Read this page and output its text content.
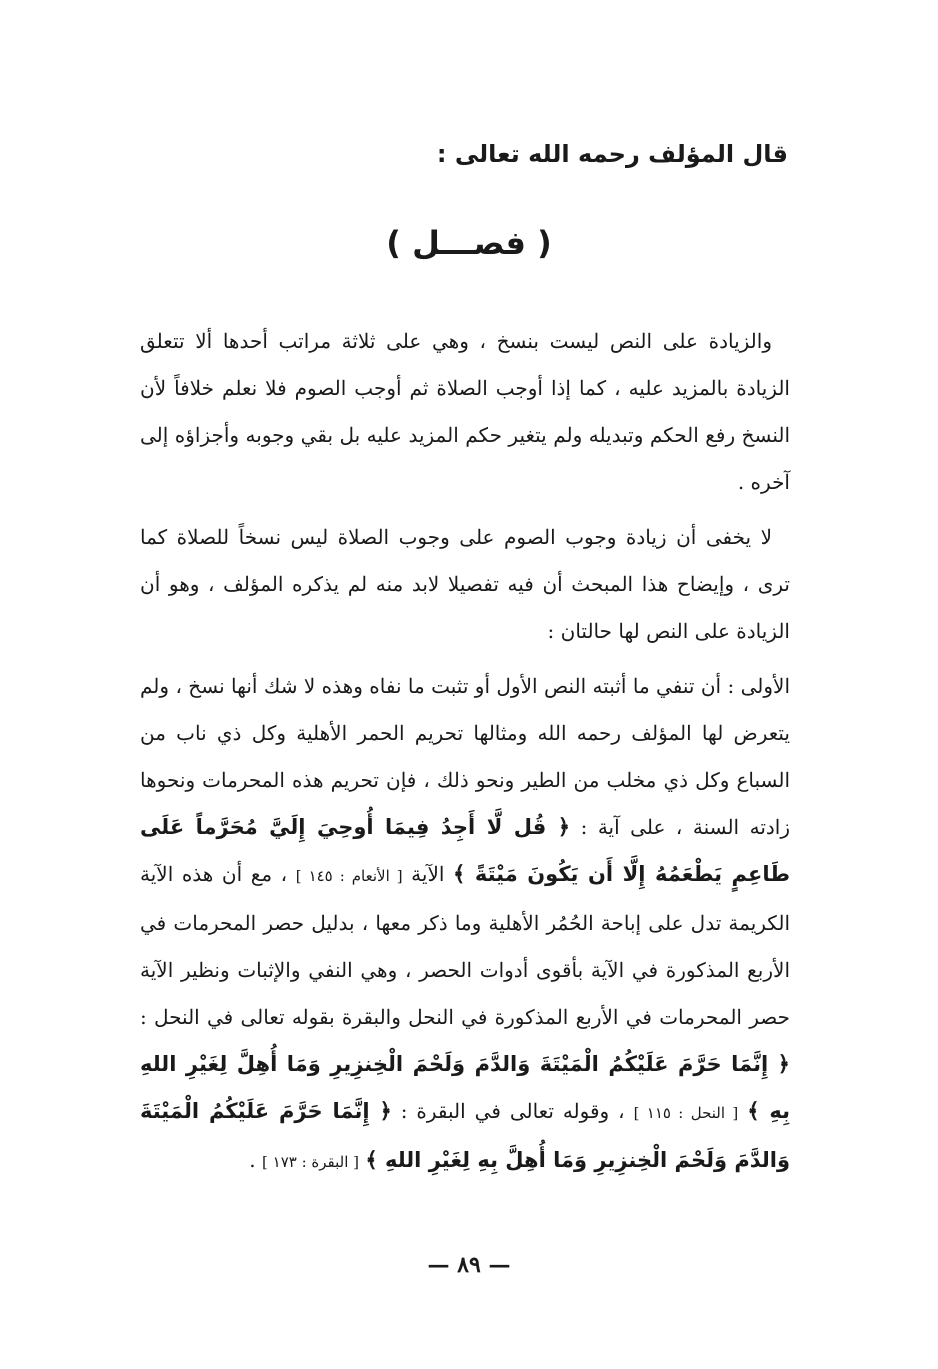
قال المؤلف رحمه الله تعالى :
( فصـــل )

والزيادة على النص ليست بنسخ ، وهي على ثلاثة مراتب أحدها ألا تتعلق الزيادة بالمزيد عليه ، كما إذا أوجب الصلاة ثم أوجب الصوم فلا نعلم خلافاً لأن النسخ رفع الحكم وتبديله ولم يتغير حكم المزيد عليه بل بقي وجوبه وأجزاؤه إلى آخره .

لا يخفى أن زيادة وجوب الصوم على وجوب الصلاة ليس نسخاً للصلاة كما ترى ، وإيضاح هذا المبحث أن فيه تفصيلا لابد منه لم يذكره المؤلف ، وهو أن الزيادة على النص لها حالتان :

الأولى : أن تنفي ما أثبته النص الأول أو تثبت ما نفاه وهذه لا شك أنها نسخ ، ولم يتعرض لها المؤلف رحمه الله ومثالها تحريم الحمر الأهلية وكل ذي ناب من السباع وكل ذي مخلب من الطير ونحو ذلك ، فإن تحريم هذه المحرمات ونحوها زادته السنة ، على آية : ﴿ قُل لَّا أَجِدُ فِيمَا أُوحِيَ إِلَيَّ مُحَرَّماً عَلَى طَاعِمٍ يَطْعَمُهُ إِلَّا أَن يَكُونَ مَيْتَةً ﴾ الآية [ الأنعام : ١٤٥ ] ، مع أن هذه الآية الكريمة تدل على إباحة الحُمُر الأهلية وما ذكر معها ، بدليل حصر المحرمات في الأربع المذكورة في الآية بأقوى أدوات الحصر ، وهي النفي والإثبات ونظير الآية حصر المحرمات في الأربع المذكورة في النحل والبقرة بقوله تعالى في النحل : ﴿ إِنَّمَا حَرَّمَ عَلَيْكُمُ الْمَيْتَةَ وَالدَّمَ وَلَحْمَ الْخِنزِيرِ وَمَا أُهِلَّ لِغَيْرِ اللهِ بِهِ ﴾ [ النحل : ١١٥ ] ، وقوله تعالى في البقرة : ﴿ إِنَّمَا حَرَّمَ عَلَيْكُمُ الْمَيْتَةَ وَالدَّمَ وَلَحْمَ الْخِنزِيرِ وَمَا أُهِلَّ بِهِ لِغَيْرِ اللهِ ﴾ [ البقرة : ١٧٣ ] .

— ٨٩ —
